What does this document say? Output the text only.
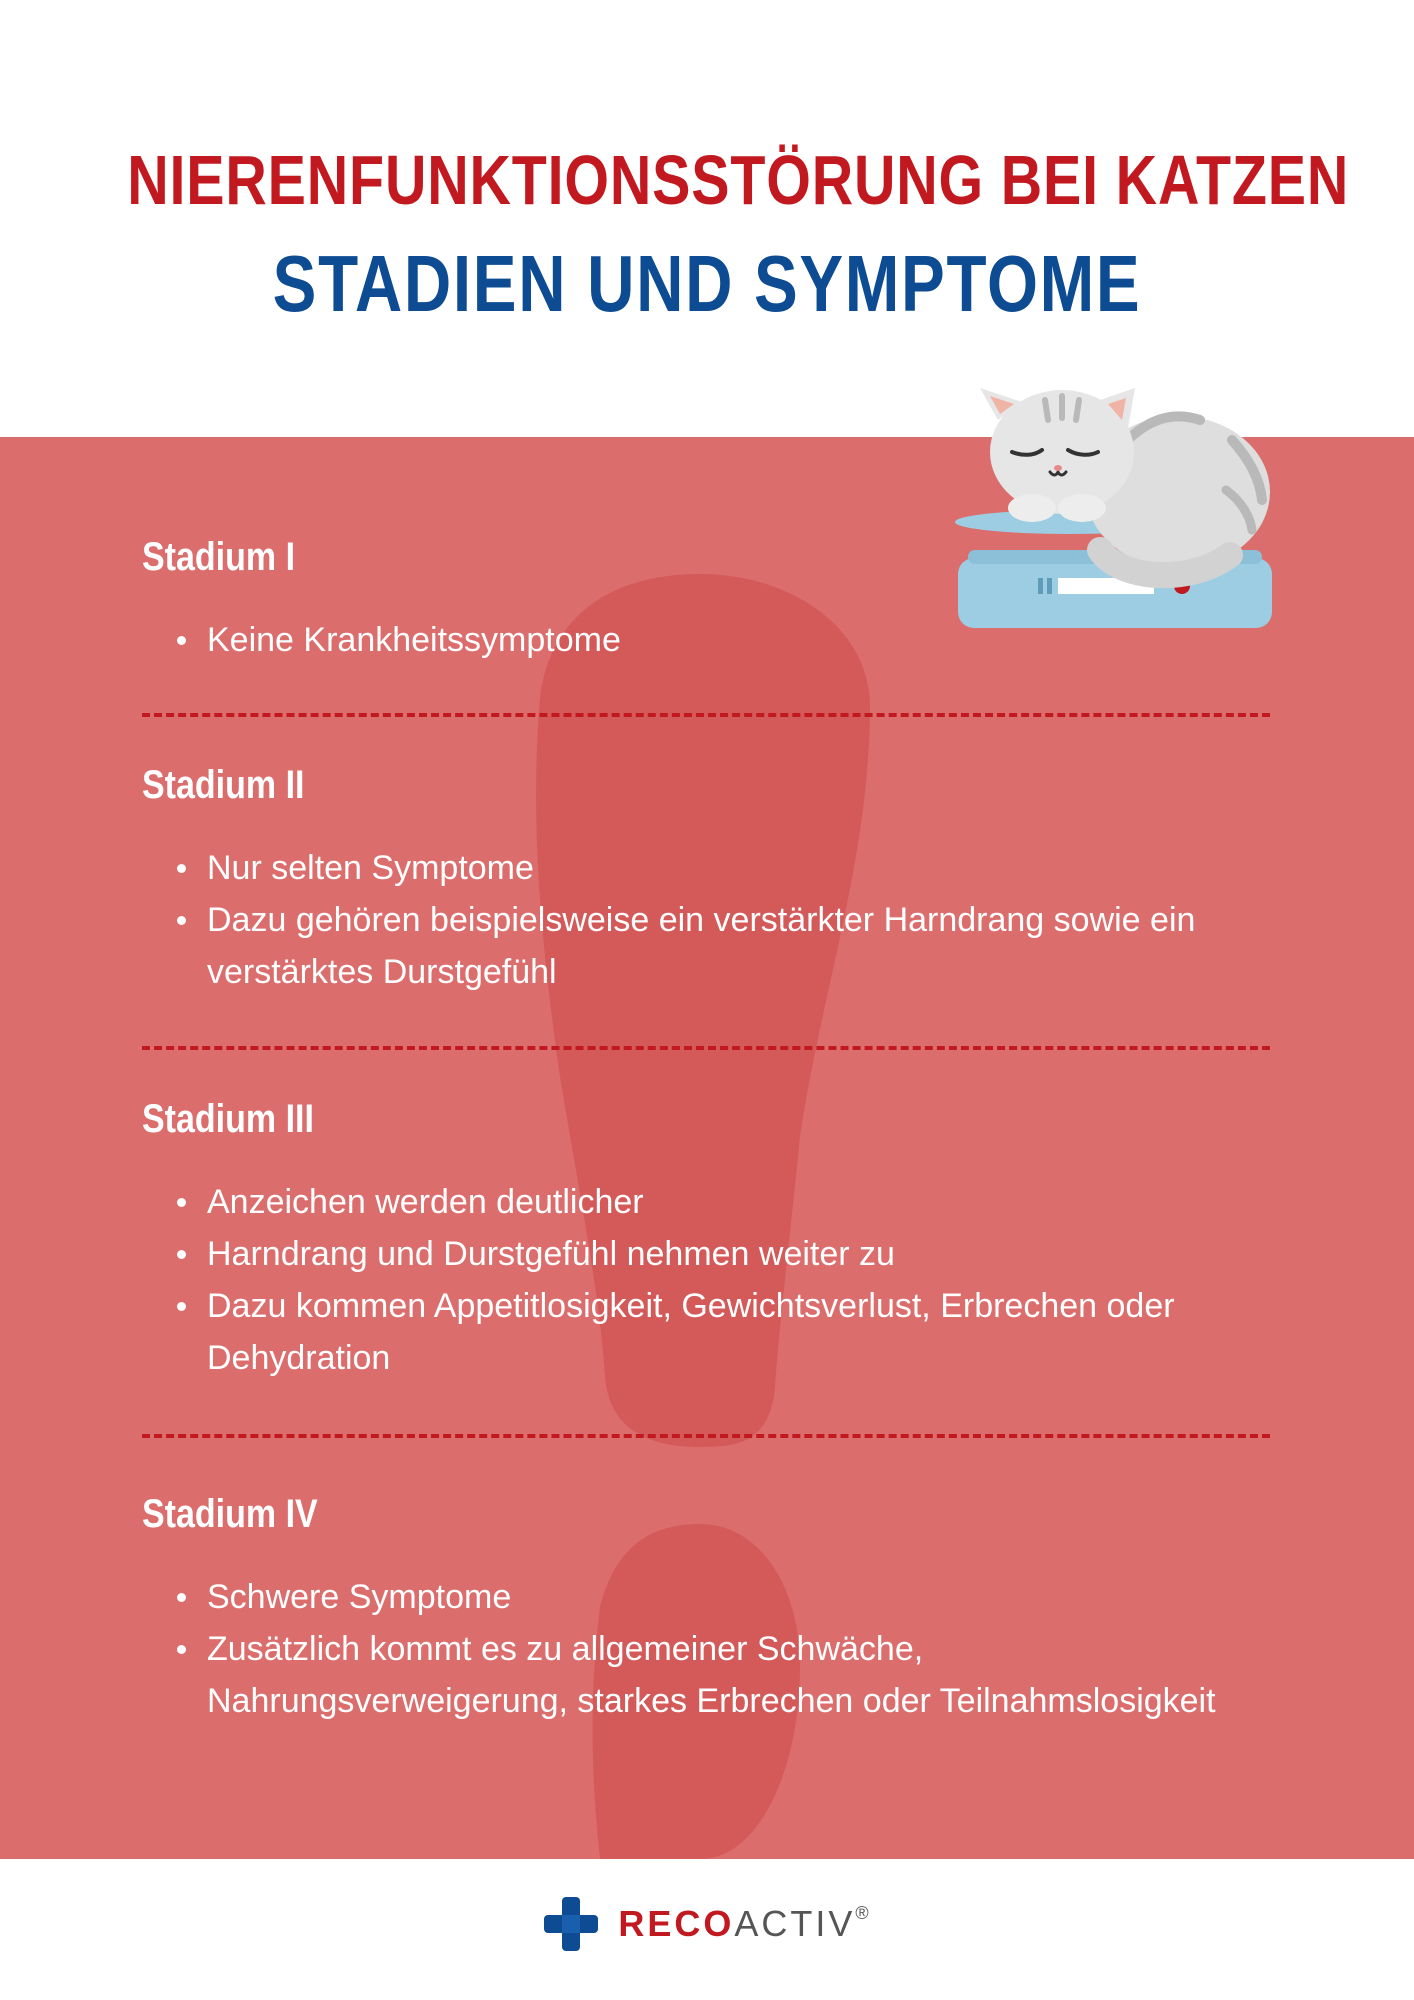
NIERENFUNKTIONSSTÖRUNG BEI KATZEN
STADIEN UND SYMPTOME
Stadium I
Keine Krankheitssymptome
Stadium II
Nur selten Symptome
Dazu gehören beispielsweise ein verstärkter Harndrang sowie ein verstärktes Durstgefühl
Stadium III
Anzeichen werden deutlicher
Harndrang und Durstgefühl nehmen weiter zu
Dazu kommen Appetitlosigkeit, Gewichtsverlust, Erbrechen oder Dehydration
Stadium IV
Schwere Symptome
Zusätzlich kommt es zu allgemeiner Schwäche, Nahrungsverweigerung, starkes Erbrechen oder Teilnahmslosigkeit
RECOACTIV®
